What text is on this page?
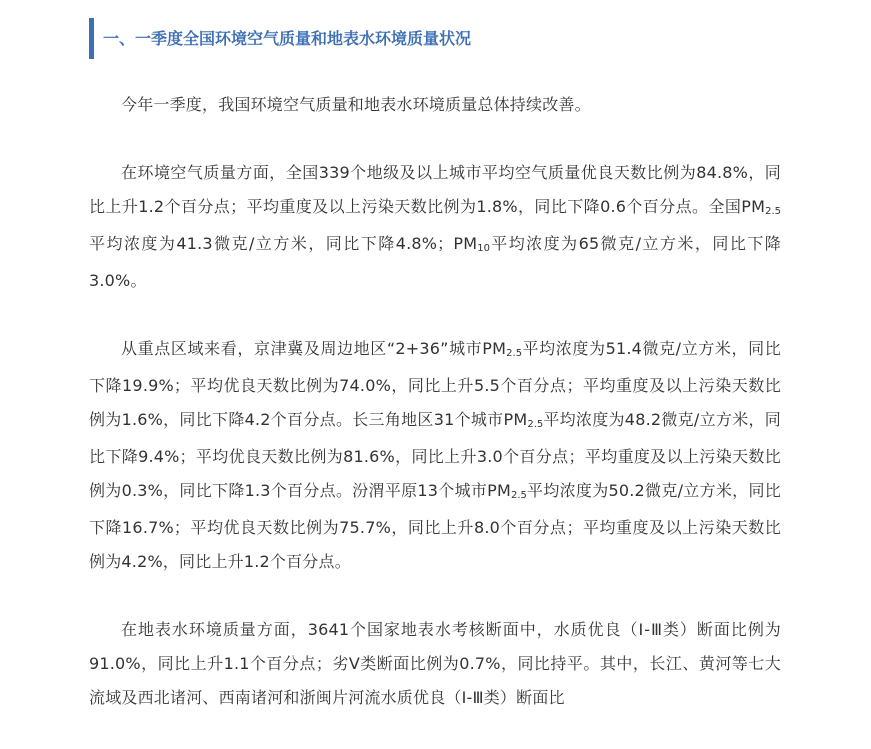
一、一季度全国环境空气质量和地表水环境质量状况

今年一季度，我国环境空气质量和地表水环境质量总体持续改善。

在环境空气质量方面，全国339个地级及以上城市平均空气质量优良天数比例为84.8%，同比上升1.2个百分点；平均重度及以上污染天数比例为1.8%，同比下降0.6个百分点。全国PM2.5平均浓度为41.3微克/立方米，同比下降4.8%；PM10平均浓度为65微克/立方米，同比下降3.0%。

从重点区域来看，京津冀及周边地区“2+36”城市PM2.5平均浓度为51.4微克/立方米，同比下降19.9%；平均优良天数比例为74.0%，同比上升5.5个百分点；平均重度及以上污染天数比例为1.6%，同比下降4.2个百分点。长三角地区31个城市PM2.5平均浓度为48.2微克/立方米，同比下降9.4%；平均优良天数比例为81.6%，同比上升3.0个百分点；平均重度及以上污染天数比例为0.3%，同比下降1.3个百分点。汾渭平原13个城市PM2.5平均浓度为50.2微克/立方米，同比下降16.7%；平均优良天数比例为75.7%，同比上升8.0个百分点；平均重度及以上污染天数比例为4.2%，同比上升1.2个百分点。

在地表水环境质量方面，3641个国家地表水考核断面中，水质优良（Ⅰ-Ⅲ类）断面比例为91.0%，同比上升1.1个百分点；劣Ⅴ类断面比例为0.7%，同比持平。其中，长江、黄河等七大流域及西北诸河、西南诸河和浙闽片河流水质优良（Ⅰ-Ⅲ类）断面比
